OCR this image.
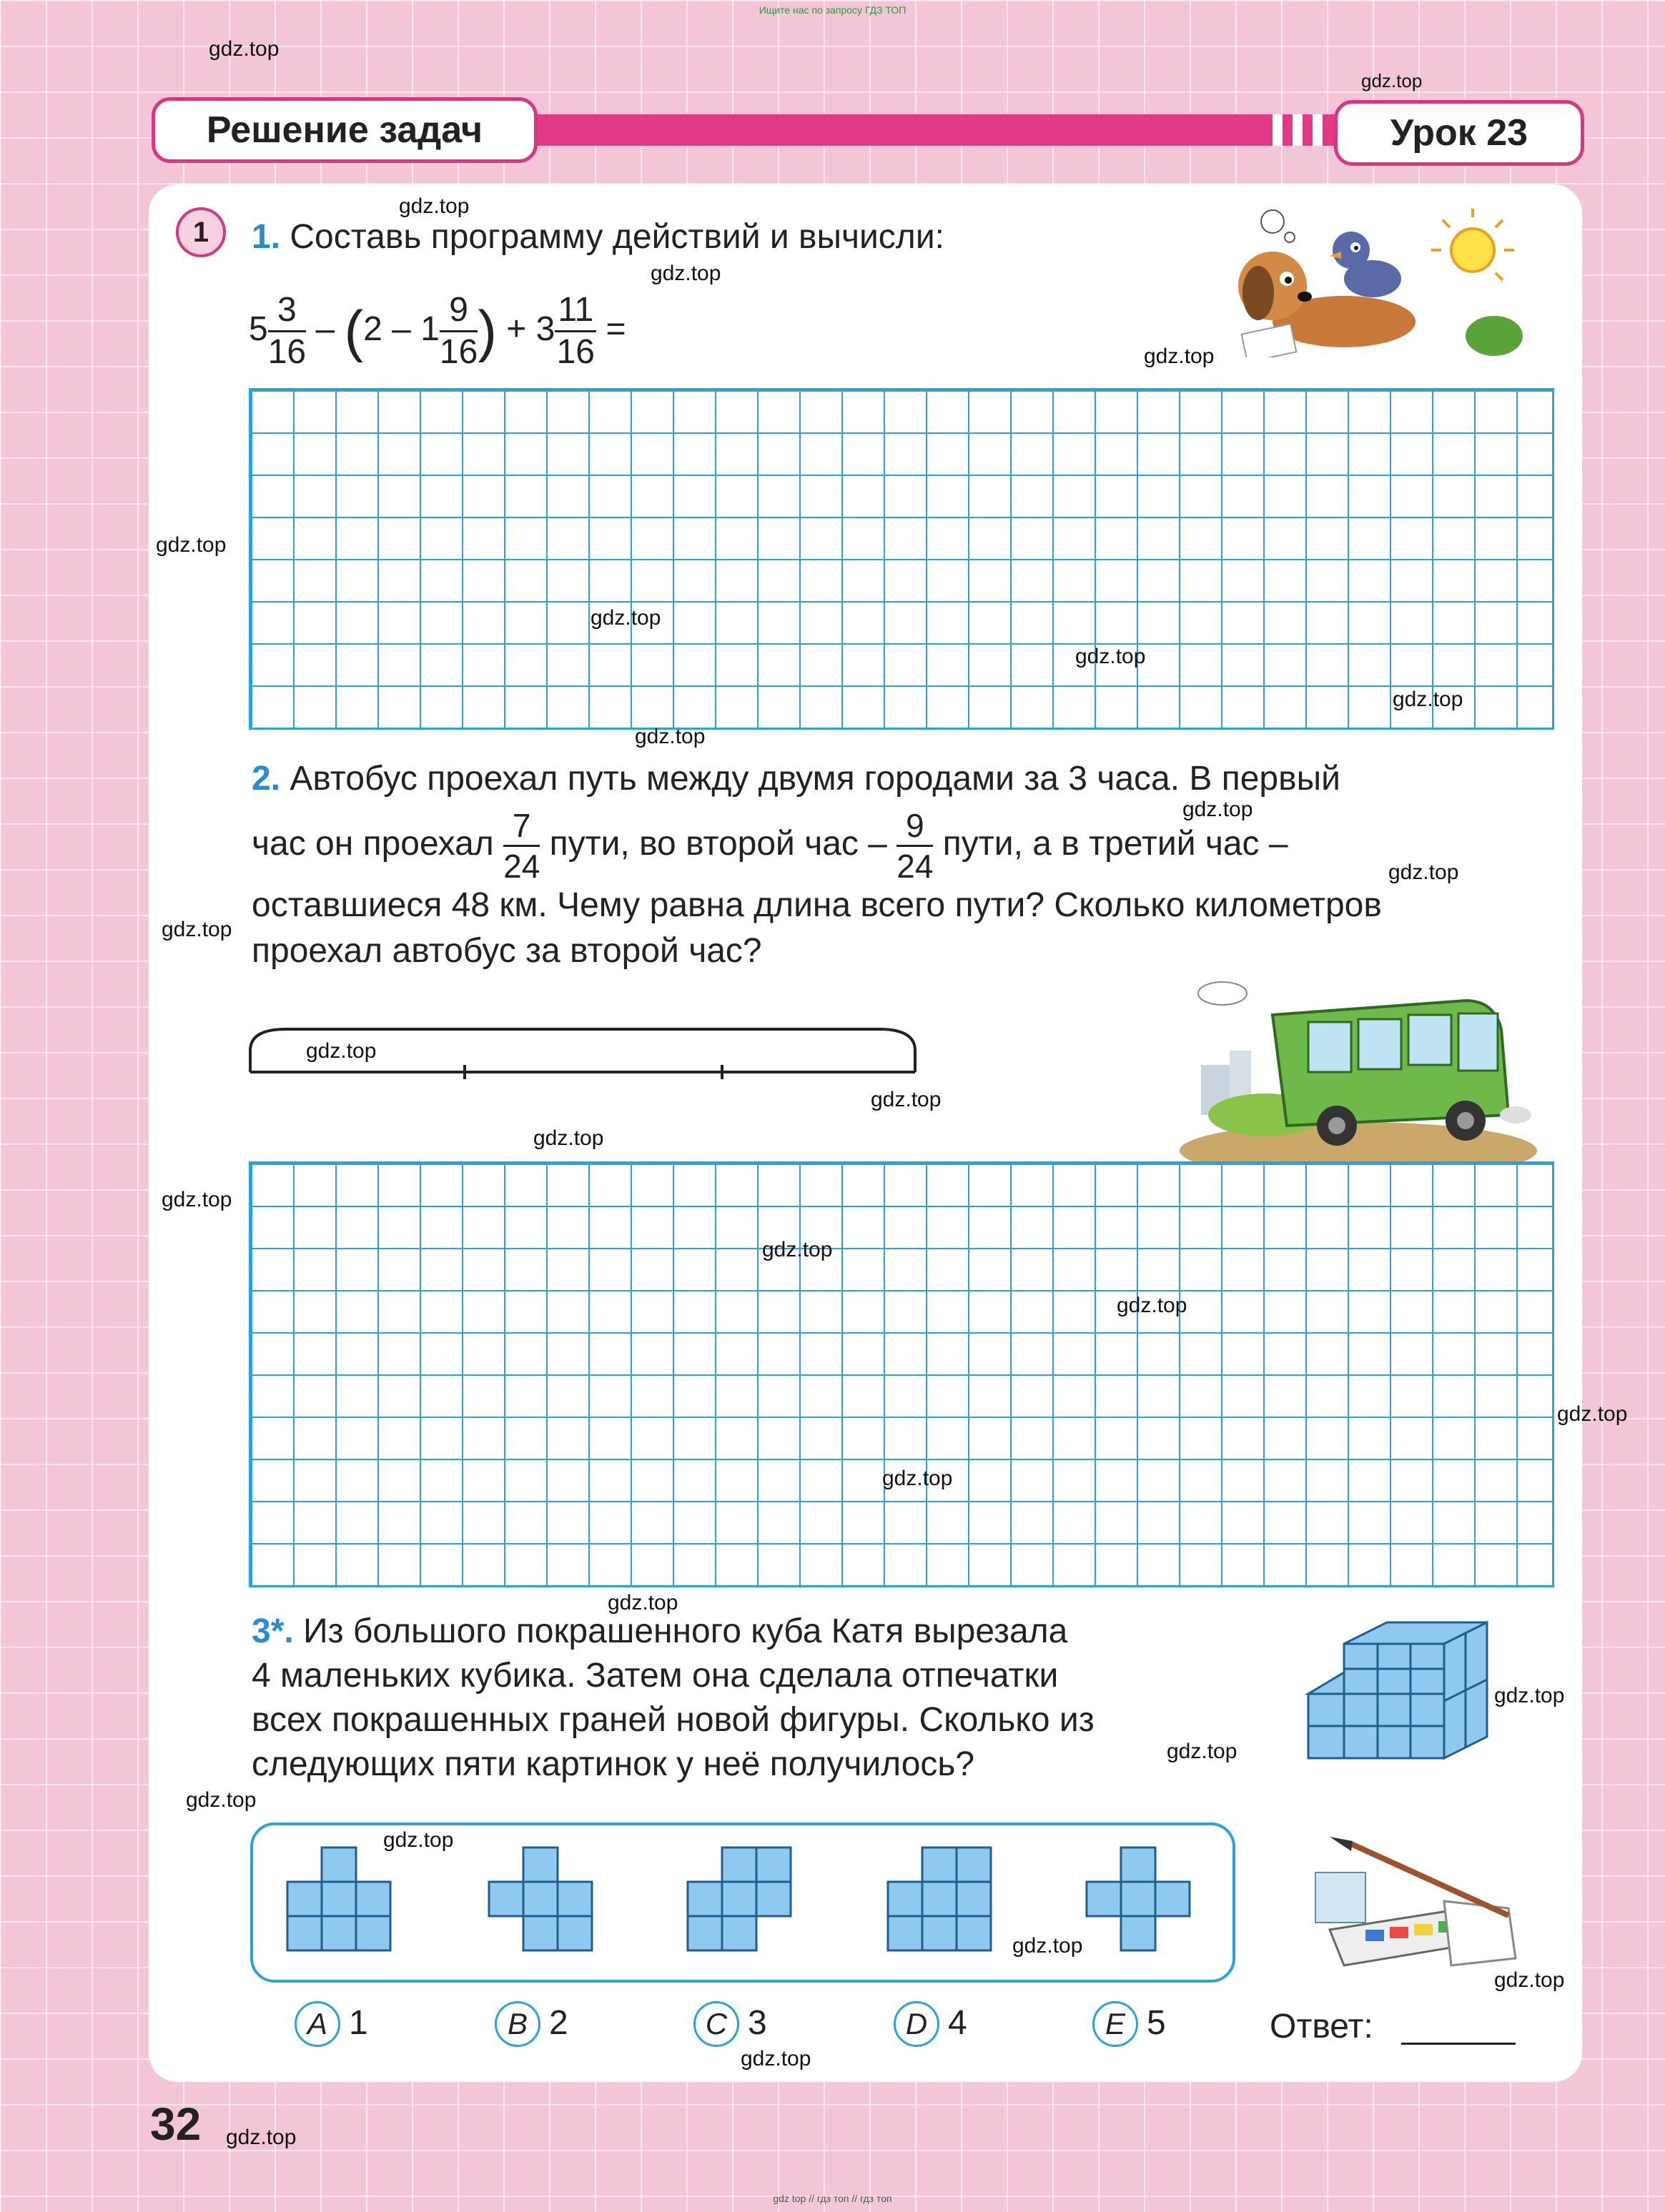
Ищите нас по запросу ГДЗ ТОП
Решение задач	Урок 23
1	1. Составь программу действий и вычисли:
$5 \frac{3}{16} - (2 - 1 \frac{9}{16}$ ) + $3 \frac{11}{16}$ =
2. Автобус проехал путь между двумя городами за 3 часа. В первый
час он проехал $\frac{7}{24}$ пути, во второй час – $\frac{9}{24}$ пути, а в третий час –
оставшиеся 48 км. Чему равна длина всего пути? Сколько километров
проехал автобус за второй час?
3*. Из большого покрашенного куба Катя вырезала
4 маленьких кубика. Затем она сделала отпечатки
всех покрашенных граней новой фигуры. Сколько из
следующих пяти картинок у неё получилось?
A 1	B 2	C 3	D 4	E 5	Ответ:
32
gdz.top
gdz.top
gdz.top
gdz.top
gdz.top
gdz.top
gdz.top
gdz.top
gdz.top
gdz.top
gdz.top
gdz.top
gdz.top
gdz.top
gdz.top
gdz.top
gdz.top
gdz.top
gdz.top
gdz.top
gdz.top
gdz.top
gdz.top
gdz.top
gdz.top
gdz.top
gdz.top
gdz.top
gdz.top
gdz.top
gdz top // гдз топ // гдз топ
